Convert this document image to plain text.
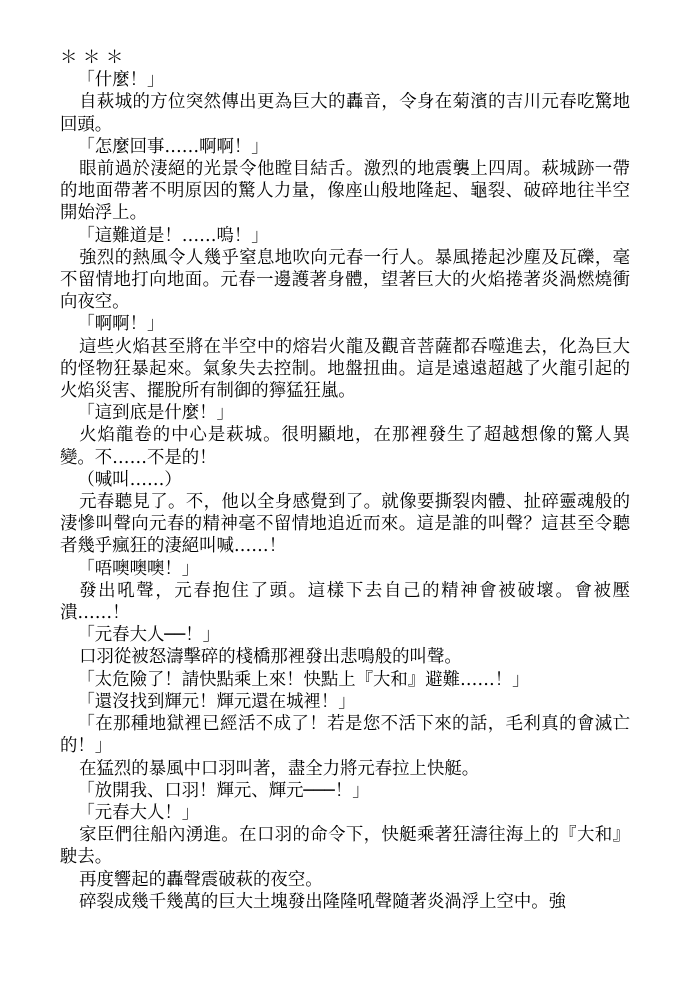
＊ ＊ ＊

「什麼！」

自萩城的方位突然傳出更為巨大的轟音，令身在菊濱的吉川元春吃驚地回頭。

「怎麼回事……啊啊！」

眼前過於淒絕的光景令他瞠目結舌。激烈的地震襲上四周。萩城跡一帶的地面帶著不明原因的驚人力量，像座山般地隆起、龜裂、破碎地往半空開始浮上。

「這難道是！……嗚！」

強烈的熱風令人幾乎窒息地吹向元春一行人。暴風捲起沙塵及瓦礫，毫不留情地打向地面。元春一邊護著身體，望著巨大的火焰捲著炎渦燃燒衝向夜空。

「啊啊！」

這些火焰甚至將在半空中的熔岩火龍及觀音菩薩都吞噬進去，化為巨大的怪物狂暴起來。氣象失去控制。地盤扭曲。這是遠遠超越了火龍引起的火焰災害、擺脫所有制御的獰猛狂嵐。

「這到底是什麼！」

火焰龍卷的中心是萩城。很明顯地，在那裡發生了超越想像的驚人異變。不……不是的！

（喊叫……）

元春聽見了。不，他以全身感覺到了。就像要撕裂肉體、扯碎靈魂般的淒慘叫聲向元春的精神毫不留情地追近而來。這是誰的叫聲？這甚至令聽者幾乎瘋狂的淒絕叫喊……！

「唔噢噢噢！」

發出吼聲，元春抱住了頭。這樣下去自己的精神會被破壞。會被壓潰……！

「元春大人──！」

口羽從被怒濤擊碎的棧橋那裡發出悲鳴般的叫聲。

「太危險了！請快點乘上來！快點上『大和』避難……！」

「還沒找到輝元！輝元還在城裡！」

「在那種地獄裡已經活不成了！若是您不活下來的話，毛利真的會滅亡的！」

在猛烈的暴風中口羽叫著，盡全力將元春拉上快艇。

「放開我、口羽！輝元、輝元───！」

「元春大人！」

家臣們往船內湧進。在口羽的命令下，快艇乘著狂濤往海上的『大和』駛去。

再度響起的轟聲震破萩的夜空。

碎裂成幾千幾萬的巨大土塊發出隆隆吼聲隨著炎渦浮上空中。強
